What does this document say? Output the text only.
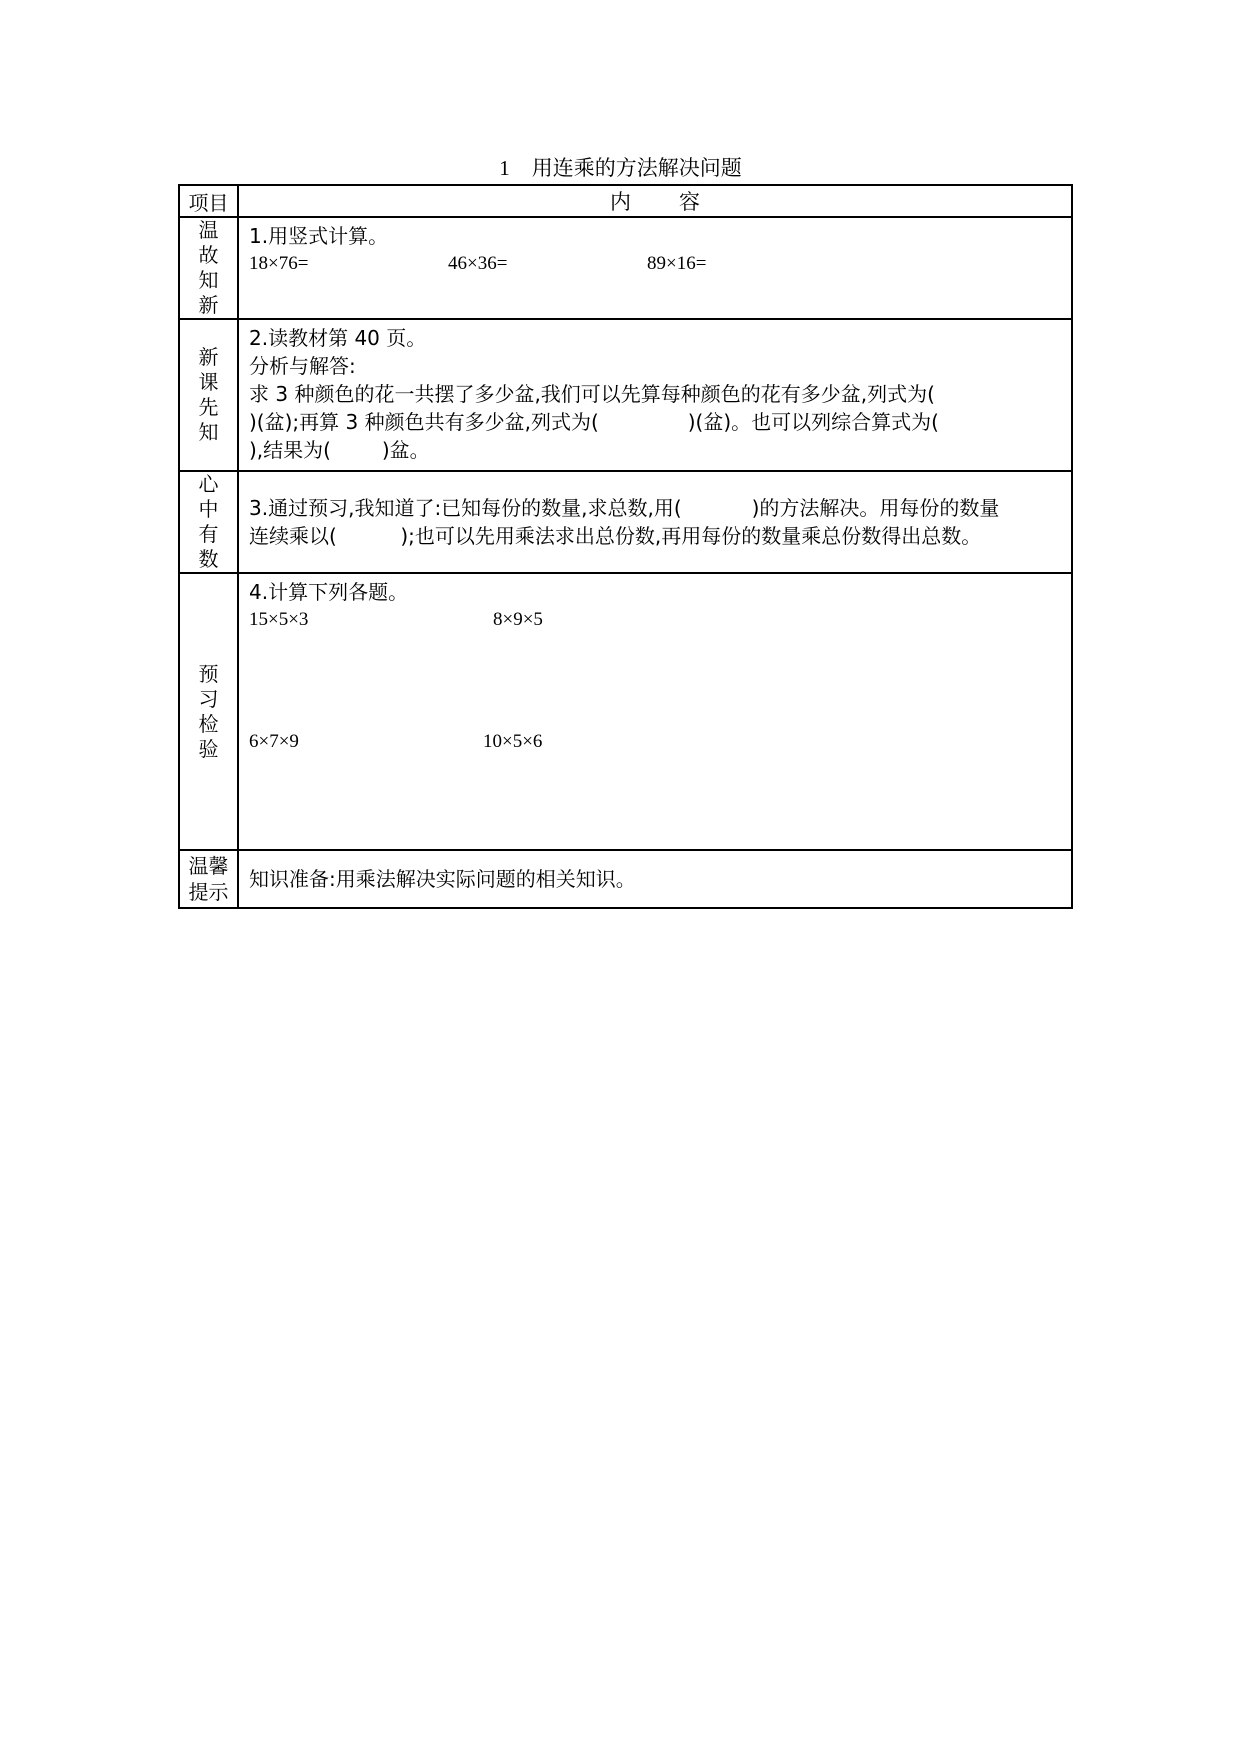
1 用连乘的方法解决问题
项目	内 容
温故知新	1.用竖式计算。
18×76= 46×36= 89×16=

新课先知	2.读教材第 40 页。
分析与解答:
求 3 种颜色的花一共摆了多少盆,我们可以先算每种颜色的花有多少盆,列式为(
)(盆);再算 3 种颜色共有多少盆,列式为(              )(盆)。也可以列综合算式为(
),结果为(        )盆。

心中有数	3.通过预习,我知道了:已知每份的数量,求总数,用(           )的方法解决。用每份的数量
连续乘以(          );也可以先用乘法求出总份数,再用每份的数量乘总份数得出总数。

预习检验	4.计算下列各题。
15×5×3 8×9×5
6×7×9 10×5×6

温馨提示	知识准备:用乘法解决实际问题的相关知识。
